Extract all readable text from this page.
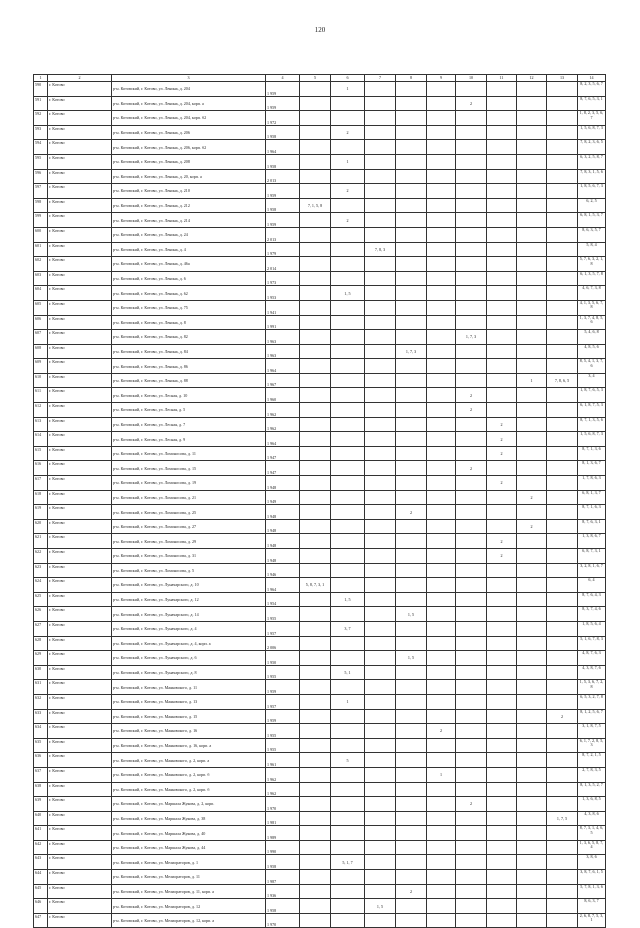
120
1	2	3	4	5	6	7	8	9	10	11	12	13	14
590	г. Котово	р-н. Котовский, г. Котово, ул. Ленина, д. 204	1 959		1								8, 2, 3, 5, 6, 7
591	г. Котово	р-н. Котовский, г. Котово, ул. Ленина, д. 204, корп. а	1 959						2				8, 7, 6, 5, 3, 1
592	г. Котово	р-н. Котовский, г. Котово, ул. Ленина, д. 204, корп. б2	1 972										1, 8, 2, 3, 5, 6, 7
593	г. Котово	р-н. Котовский, г. Котово, ул. Ленина, д. 206	1 958		2								1, 5, 6, 8, 7, 3
594	г. Котово	р-н. Котовский, г. Котово, ул. Ленина, д. 206, корп. б2	1 964										7, 8, 2, 3, 6, 5
595	г. Котово	р-н. Котовский, г. Котово, ул. Ленина, д. 208	1 958		1								6, 3, 2, 5, 8, 7
596	г. Котово	р-н. Котовский, г. Котово, ул. Ленина, д. 20, корп. а	2 013										7, 8, 3, 1, 5, 6
597	г. Котово	р-н. Котовский, г. Котово, ул. Ленина, д. 210	1 959		2								1, 8, 5, 6, 7, 3
598	г. Котово	р-н. Котовский, г. Котово, ул. Ленина, д. 212	1 958	7, 1, 5, 8									6, 2, 5
599	г. Котово	р-н. Котовский, г. Котово, ул. Ленина, д. 214	1 959		2								6, 8, 1, 5, 3, 7
600	г. Котово	р-н. Котовский, г. Котово, ул. Ленина, д. 24	2 013										8, 6, 3, 5, 7
601	г. Котово	р-н. Котовский, г. Котово, ул. Ленина, д. 4	1 979			7, 8, 3							5, 8, 4
602	г. Котово	р-н. Котовский, г. Котово, ул. Ленина, д. 46а	2 014										5, 7, 6, 3, 2, 1, 8
603	г. Котово	р-н. Котовский, г. Котово, ул. Ленина, д. 6	1 973										6, 1, 3, 5, 7, 8
604	г. Котово	р-н. Котовский, г. Котово, ул. Ленина, д. 62	1 953		1, 5								4, 6, 7, 3, 8
605	г. Котово	р-н. Котовский, г. Котово, ул. Ленина, д. 75	1 941										4, 1, 3, 5, 6, 7, 8
606	г. Котово	р-н. Котовский, г. Котово, ул. Ленина, д. 8	1 991										1, 3, 7, 4, 8, 5, 6
607	г. Котово	р-н. Котовский, г. Котово, ул. Ленина, д. 82	1 963						1, 7, 3				5, 4, 6, 8
608	г. Котово	р-н. Котовский, г. Котово, ул. Ленина, д. 84	1 963				1, 7, 3						4, 8, 5, 6
609	г. Котово	р-н. Котовский, г. Котово, ул. Ленина, д. 86	1 964										8, 5, 4, 1, 3, 7, 6
610	г. Котово	р-н. Котовский, г. Котово, ул. Ленина, д. 88	1 967								1	7, 8, 6, 5	3, 4
611	г. Котово	р-н. Котовский, г. Котово, ул. Лесная, д. 10	1 960						2				1, 8, 7, 6, 5, 3
612	г. Котово	р-н. Котовский, г. Котово, ул. Лесная, д. 5	1 962						2				6, 1, 8, 7, 5, 3
613	г. Котово	р-н. Котовский, г. Котово, ул. Лесная, д. 7	1 962							2			8, 7, 1, 3, 5, 6
614	г. Котово	р-н. Котовский, г. Котово, ул. Лесная, д. 9	1 964							2			1, 5, 6, 8, 7, 3
615	г. Котово	р-н. Котовский, г. Котово, ул. Ломоносова, д. 11	1 947							2			8, 7, 1, 3, 6
616	г. Котово	р-н. Котовский, г. Котово, ул. Ломоносова, д. 15	1 947						2				8, 1, 3, 6, 7
617	г. Котово	р-н. Котовский, г. Котово, ул. Ломоносова, д. 19	1 948							2			1, 7, 8, 6, 3
618	г. Котово	р-н. Котовский, г. Котово, ул. Ломоносова, д. 21	1 949								2		6, 8, 1, 3, 7
619	г. Котово	р-н. Котовский, г. Котово, ул. Ломоносова, д. 25	1 948				2						8, 7, 1, 6, 3
620	г. Котово	р-н. Котовский, г. Котово, ул. Ломоносова, д. 27	1 948								2		8, 7, 6, 3, 1
621	г. Котово	р-н. Котовский, г. Котово, ул. Ломоносова, д. 29	1 948							2			1, 3, 8, 6, 7
622	г. Котово	р-н. Котовский, г. Котово, ул. Ломоносова, д. 31	1 948							2			6, 8, 7, 3, 1
623	г. Котово	р-н. Котовский, г. Котово, ул. Ломоносова, д. 5	1 946										3, 2, 8, 1, 6, 7
624	г. Котово	р-н. Котовский, г. Котово, ул. Луначарского, д. 10	1 964	5, 8, 7, 3, 1									6, 4
625	г. Котово	р-н. Котовский, г. Котово, ул. Луначарского, д. 12	1 954		1, 5								8, 7, 6, 4, 3
626	г. Котово	р-н. Котовский, г. Котово, ул. Луначарского, д. 14	1 955				1, 5						8, 3, 7, 4, 6
627	г. Котово	р-н. Котовский, г. Котово, ул. Луначарского, д. 4	1 957		3, 7								1, 8, 5, 6, 4
628	г. Котово	р-н. Котовский, г. Котово, ул. Луначарского, д. 4, корп. а	2 006										5, 1, 6, 7, 8, 3
629	г. Котово	р-н. Котовский, г. Котово, ул. Луначарского, д. 6	1 950				1, 5						4, 8, 7, 6, 3
630	г. Котово	р-н. Котовский, г. Котово, ул. Луначарского, д. 8	1 955		5, 1								4, 3, 8, 7, 6
631	г. Котово	р-н. Котовский, г. Котово, ул. Маяковского, д. 11	1 959										1, 5, 3, 6, 7, 2, 8
632	г. Котово	р-н. Котовский, г. Котово, ул. Маяковского, д. 13	1 957		1								6, 5, 3, 2, 7, 8
633	г. Котово	р-н. Котовский, г. Котово, ул. Маяковского, д. 15	1 959									2	8, 1, 2, 5, 6, 7
634	г. Котово	р-н. Котовский, г. Котово, ул. Маяковского, д. 16	1 955					2					3, 1, 8, 7, 5
635	г. Котово	р-н. Котовский, г. Котово, ул. Маяковского, д. 16, корп. а	1 955										6, 1, 7, 2, 8, 5, 3
636	г. Котово	р-н. Котовский, г. Котово, ул. Маяковского, д. 2, корп. а	1 961		5								8, 7, 2, 1, 5
637	г. Котово	р-н. Котовский, г. Котово, ул. Маяковского, д. 2, корп. б	1 962					1					2, 7, 8, 3, 5
638	г. Котово	р-н. Котовский, г. Котово, ул. Маяковского, д. 2, корп. б	1 962										8, 1, 3, 5, 2, 7
639	г. Котово	р-н. Котовский, г. Котово, ул. Маршала Жукова, д. 2, корп.	1 970						2				1, 3, 6, 8, 5
640	г. Котово	р-н. Котовский, г. Котово, ул. Маршала Жукова, д. 38	1 981									1, 7, 5	4, 3, 8, 6
641	г. Котово	р-н. Котовский, г. Котово, ул. Маршала Жукова, д. 40	1 989										8, 7, 3, 1, 4, 6, 5
642	г. Котово	р-н. Котовский, г. Котово, ул. Маршала Жукова, д. 44	1 990										1, 3, 6, 5, 8, 7, 4
643	г. Котово	р-н. Котовский, г. Котово, ул. Мелиораторов, д. 1	1 958		5, 1, 7								3, 8, 6
644	г. Котово	р-н. Котовский, г. Котово, ул. Мелиораторов, д. 11	1 987										3, 8, 7, 6, 1, 5
645	г. Котово	р-н. Котовский, г. Котово, ул. Мелиораторов, д. 11, корп. а	1 936				2						5, 7, 8, 1, 3, 6
646	г. Котово	р-н. Котовский, г. Котово, ул. Мелиораторов, д. 12	1 958			1, 5							8, 6, 3, 7
647	г. Котово	р-н. Котовский, г. Котово, ул. Мелиораторов, д. 12, корп. а	1 970										2, 6, 8, 7, 5, 3, 1
